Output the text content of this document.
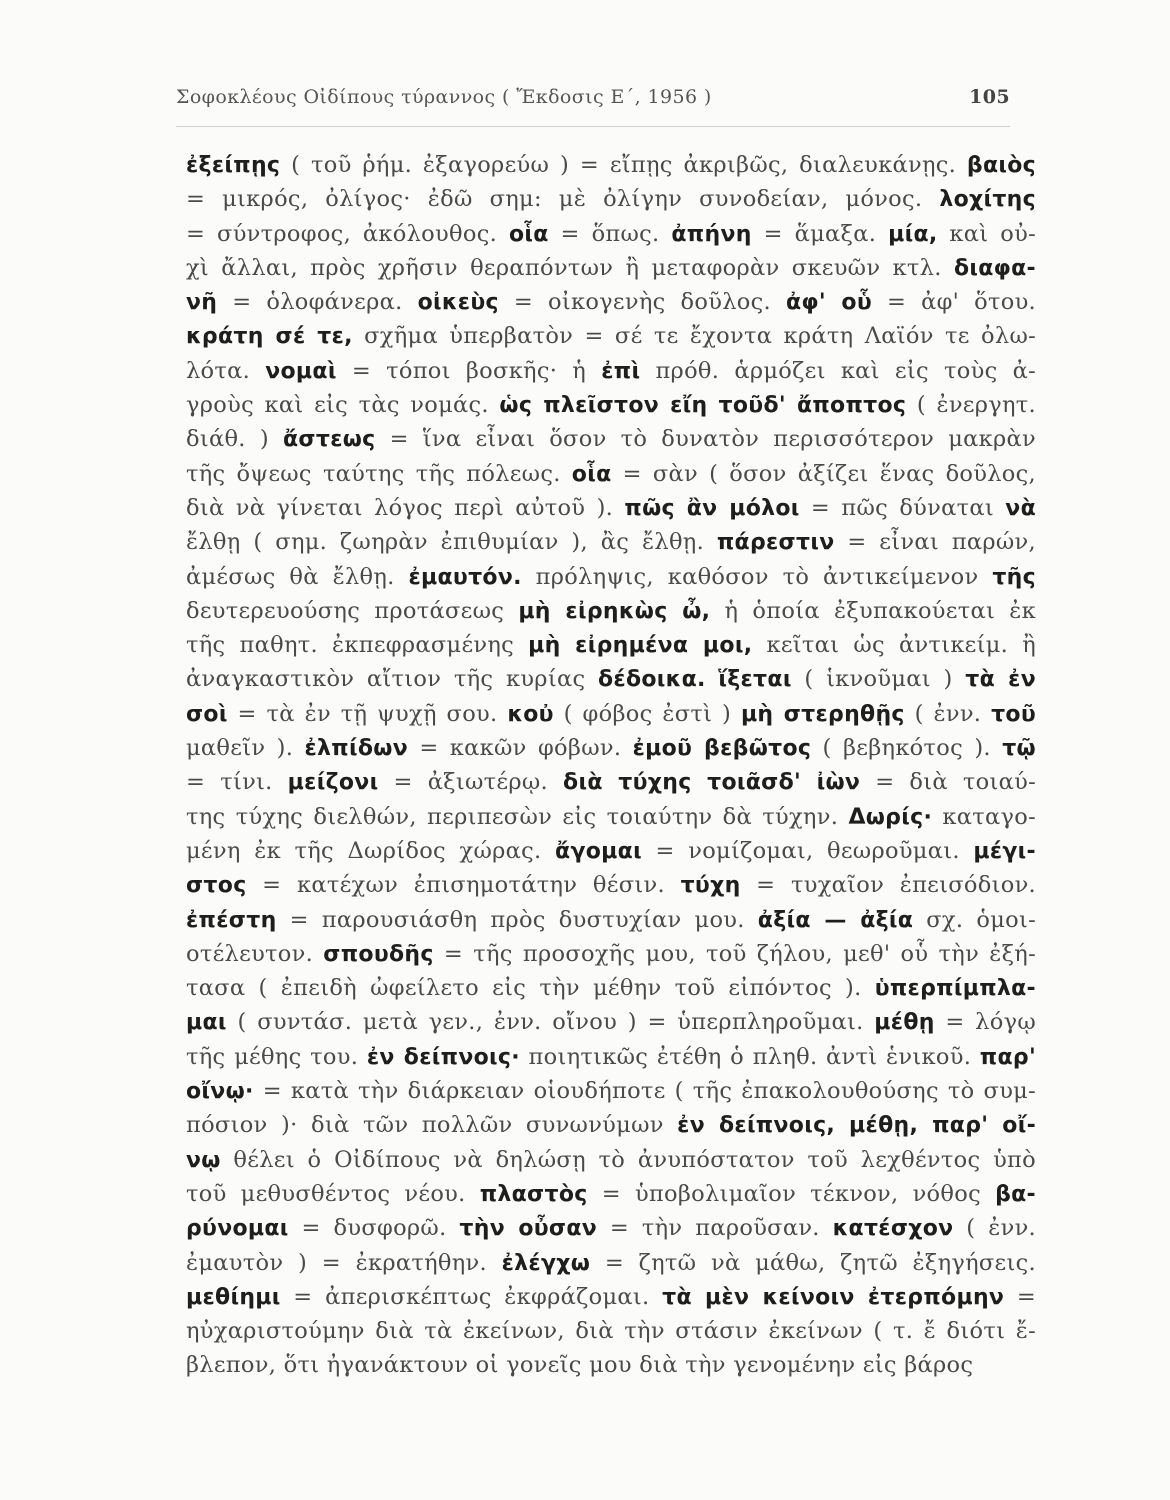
Σοφοκλέους Οἰδίπους τύραννος ( Ἔκδοσις Ε΄, 1956 )	105
ἐξείπῃς ( τοῦ ῥήμ. ἐξαγορεύω ) = εἴπῃς ἀκριβῶς, διαλευκάνῃς. βαιὸς
= μικρός, ὀλίγος· ἐδῶ σημ: μὲ ὀλίγην συνοδείαν, μόνος. λοχίτης
= σύντροφος, ἀκόλουθος. οἷα = ὅπως. ἀπήνη = ἅμαξα. μία, καὶ οὐ-
χὶ ἄλλαι, πρὸς χρῆσιν θεραπόντων ἢ μεταφορὰν σκευῶν κτλ. διαφα-
νῆ = ὁλοφάνερα. οἰκεὺς = οἰκογενὴς δοῦλος. ἀφ' οὗ = ἀφ' ὅτου.
κράτη σέ τε, σχῆμα ὑπερβατὸν = σέ τε ἔχοντα κράτη Λαϊόν τε ὀλω-
λότα. νομαὶ = τόποι βοσκῆς· ἡ ἐπὶ πρόθ. ἁρμόζει καὶ εἰς τοὺς ἀ-
γροὺς καὶ εἰς τὰς νομάς. ὡς πλεῖστον εἴη τοῦδ' ἄποπτος ( ἐνεργητ.
διάθ. ) ἄστεως = ἵνα εἶναι ὅσον τὸ δυνατὸν περισσότερον μακρὰν
τῆς ὄψεως ταύτης τῆς πόλεως. οἷα = σὰν ( ὅσον ἀξίζει ἕνας δοῦλος,
διὰ νὰ γίνεται λόγος περὶ αὐτοῦ ). πῶς ἂν μόλοι = πῶς δύναται νὰ
ἔλθῃ ( σημ. ζωηρὰν ἐπιθυμίαν ), ἂς ἔλθῃ. πάρεστιν = εἶναι παρών,
ἀμέσως θὰ ἔλθῃ. ἐμαυτόν. πρόληψις, καθόσον τὸ ἀντικείμενον τῆς
δευτερευούσης προτάσεως μὴ εἰρηκὼς ὦ, ἡ ὁποία ἐξυπακούεται ἐκ
τῆς παθητ. ἐκπεφρασμένης μὴ εἰρημένα μοι, κεῖται ὡς ἀντικείμ. ἢ
ἀναγκαστικὸν αἴτιον τῆς κυρίας δέδοικα. ἵξεται ( ἱκνοῦμαι ) τὰ ἐν
σοὶ = τὰ ἐν τῇ ψυχῇ σου. κοὐ ( φόβος ἐστὶ ) μὴ στερηθῇς ( ἐνν. τοῦ
μαθεῖν ). ἐλπίδων = κακῶν φόβων. ἐμοῦ βεβῶτος ( βεβηκότος ). τῷ
= τίνι. μείζονι = ἀξιωτέρῳ. διὰ τύχης τοιᾶσδ' ἰὼν = διὰ τοιαύ-
της τύχης διελθών, περιπεσὼν εἰς τοιαύτην δὰ τύχην. Δωρίς· καταγο-
μένη ἐκ τῆς Δωρίδος χώρας. ἄγομαι = νομίζομαι, θεωροῦμαι. μέγι-
στος = κατέχων ἐπισημοτάτην θέσιν. τύχη = τυχαῖον ἐπεισόδιον.
ἐπέστη = παρουσιάσθη πρὸς δυστυχίαν μου. ἀξία — ἀξία σχ. ὁμοι-
οτέλευτον. σπουδῆς = τῆς προσοχῆς μου, τοῦ ζήλου, μεθ' οὗ τὴν ἐξή-
τασα ( ἐπειδὴ ὠφείλετο εἰς τὴν μέθην τοῦ εἰπόντος ). ὑπερπίμπλα-
μαι ( συντάσ. μετὰ γεν., ἐνν. οἴνου ) = ὑπερπληροῦμαι. μέθῃ = λόγῳ
τῆς μέθης του. ἐν δείπνοις· ποιητικῶς ἐτέθη ὁ πληθ. ἀντὶ ἑνικοῦ. παρ'
οἴνῳ· = κατὰ τὴν διάρκειαν οἱουδήποτε ( τῆς ἐπακολουθούσης τὸ συμ-
πόσιον )· διὰ τῶν πολλῶν συνωνύμων ἐν δείπνοις, μέθῃ, παρ' οἴ-
νῳ θέλει ὁ Οἰδίπους νὰ δηλώσῃ τὸ ἀνυπόστατον τοῦ λεχθέντος ὑπὸ
τοῦ μεθυσθέντος νέου. πλαστὸς = ὑποβολιμαῖον τέκνον, νόθος βα-
ρύνομαι = δυσφορῶ. τὴν οὖσαν = τὴν παροῦσαν. κατέσχον ( ἐνν.
ἐμαυτὸν ) = ἐκρατήθην. ἐλέγχω = ζητῶ νὰ μάθω, ζητῶ ἐξηγήσεις.
μεθίημι = ἀπερισκέπτως ἐκφράζομαι. τὰ μὲν κείνοιν ἐτερπόμην =
ηὐχαριστούμην διὰ τὰ ἐκείνων, διὰ τὴν στάσιν ἐκείνων ( τ. ἔ διότι ἔ-
βλεπον, ὅτι ἠγανάκτουν οἱ γονεῖς μου διὰ τὴν γενομένην εἰς βάρος
